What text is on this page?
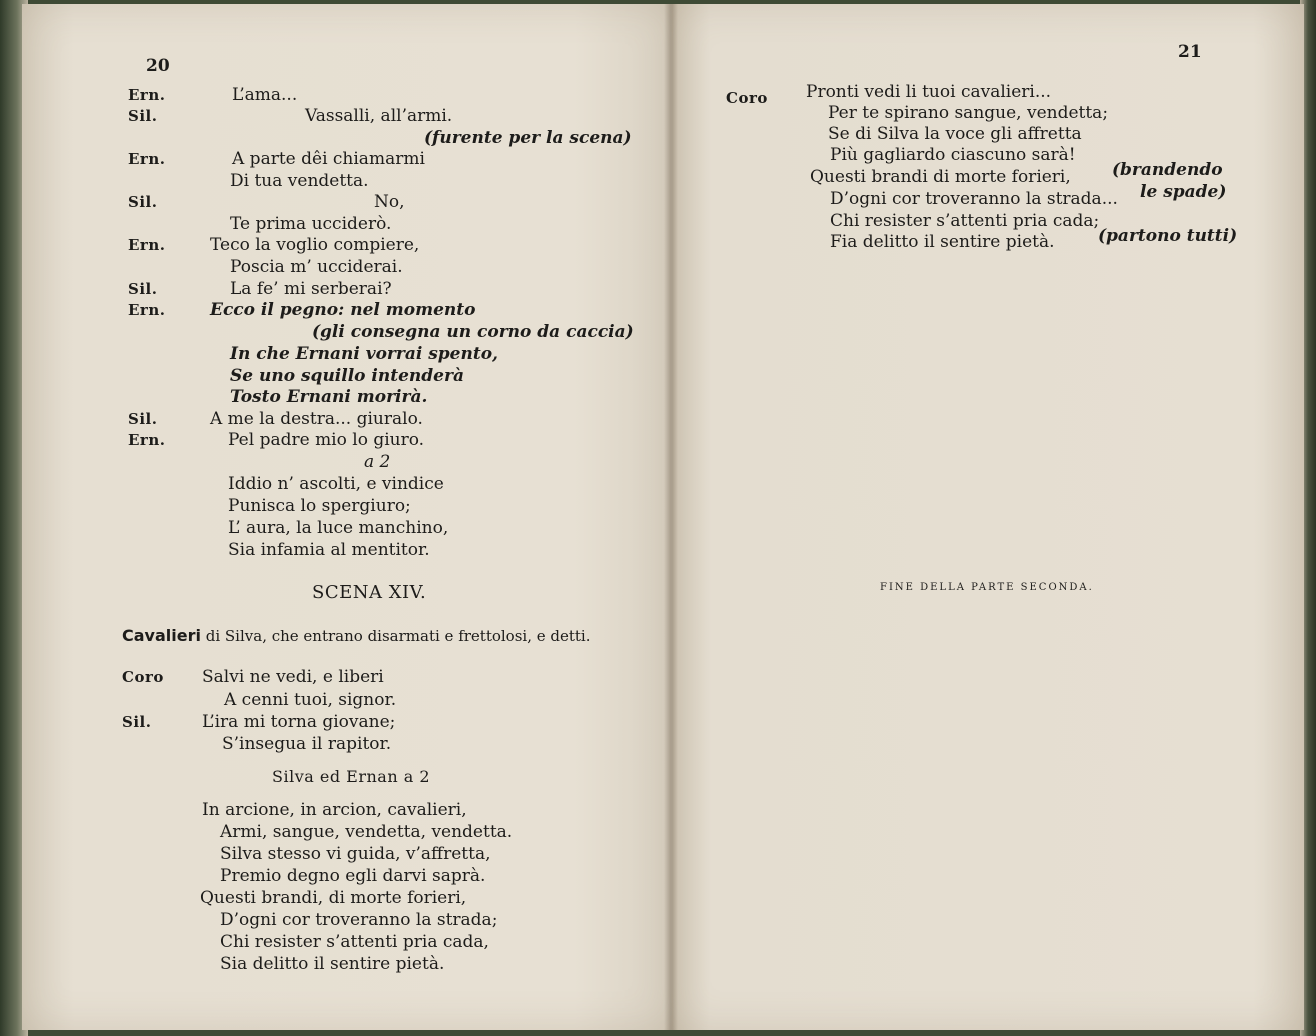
20
Ern.	L’ama...
Sil.	Vassalli, all’armi.
(furente per la scena)
Ern.	A parte dêi chiamarmi
Di tua vendetta.
Sil.	No,
Te prima ucciderò.
Ern.	Teco la voglio compiere,
Poscia m’ ucciderai.
Sil.	La fe’ mi serberai?
Ern.	Ecco il pegno: nel momento
(gli consegna un corno da caccia)
In che Ernani vorrai spento,
Se uno squillo intenderà
Tosto Ernani morirà.
Sil.	A me la destra... giuralo.
Ern.	Pel padre mio lo giuro.
a 2
Iddio n’ ascolti, e vindice
Punisca lo spergiuro;
L’ aura, la luce manchino,
Sia infamia al mentitor.
SCENA XIV.
Cavalieri di Silva, che entrano disarmati e frettolosi, e detti.
Coro Salvi ne vedi, e liberi
A cenni tuoi, signor.
Sil.	L’ira mi torna giovane;
S’insegua il rapitor.
Silva ed Ernan a 2
In arcione, in arcion, cavalieri,
Armi, sangue, vendetta, vendetta.
Silva stesso vi guida, v’affretta,
Premio degno egli darvi saprà.
Questi brandi, di morte forieri,
D’ogni cor troveranno la strada;
Chi resister s’attenti pria cada,
Sia delitto il sentire pietà.
21
Coro Pronti vedi li tuoi cavalieri...
Per te spirano sangue, vendetta;
Se di Silva la voce gli affretta
Più gagliardo ciascuno sarà!
Questi brandi di morte forieri, (brandendo
D’ogni cor troveranno la strada... le spade)
Chi resister s’attenti pria cada;
Fia delitto il sentire pietà.	(partono tutti)
FINE DELLA PARTE SECONDA.
